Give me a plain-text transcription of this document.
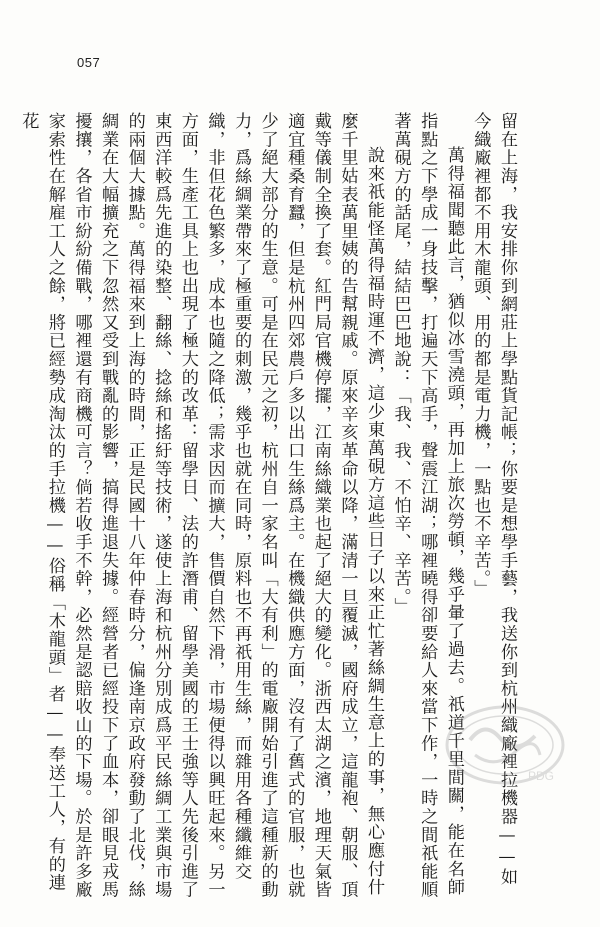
057

留在上海，我安排你到網莊上學點貨記帳；你要是想學手藝，我送你到杭州織廠裡拉機器——如今織廠裡都不用木龍頭、用的都是電力機，一點也不辛苦。」

萬得福聞聽此言，猶似冰雪澆頭，再加上旅次勞頓，幾乎暈了過去。祇道千里間關，能在名師指點之下學成一身技擊，打遍天下高手，聲震江湖；哪裡曉得卻要給人來當下作，一時之間祇能順著萬硯方的話尾，結結巴巴地說：「我、我、不怕辛、辛苦。」

說來祇能怪萬得福時運不濟，這少東萬硯方這些日子以來正忙著絲綢生意上的事，無心應付什麼千里姑表萬里姨的告幫親戚。原來辛亥革命以降，滿清一旦覆滅，國府成立，這龍袍、朝服、頂戴等儀制全換了套。紅門局官機停擺，江南絲織業也起了絕大的變化。浙西太湖之濱，地理天氣皆適宜種桑育蠶，但是杭州四郊農戶多以出口生絲爲主。在機織供應方面，沒有了舊式的官服，也就少了絕大部分的生意。可是在民元之初，杭州自一家名叫「大有利」的電廠開始引進了這種新的動力，爲絲綢業帶來了極重要的刺激，幾乎也就在同時，原料也不再祇用生絲，而雜用各種纖維交織，非但花色繁多，成本也隨之降低；需求因而擴大，售價自然下滑，市場便得以興旺起來。另一方面，生產工具上也出現了極大的改革：留學日、法的許潛甫、留學美國的王士強等人先後引進了東西洋較爲先進的染整、翻絲、捻絲和搖紆等技術，遂使上海和杭州分別成爲平民絲綢工業與市場的兩個大據點。萬得福來到上海的時間，正是民國十八年仲春時分，偏逢南京政府發動了北伐，絲綢業在大幅擴充之下忽然又受到戰亂的影響，搞得進退失據。經營者已經投下了血本，卻眼見戎馬擾攘，各省市紛紛備戰，哪裡還有商機可言？倘若收手不幹，必然是認賠收山的下場。於是許多廠家索性在解雇工人之餘，將已經勢成淘汰的手拉機——俗稱「木龍頭」者——奉送工人，有的連花

PDG
